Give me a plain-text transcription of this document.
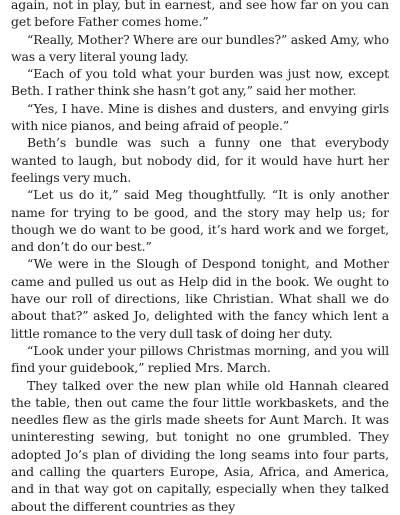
again, not in play, but in earnest, and see how far on you can get before Father comes home.”

“Really, Mother? Where are our bundles?” asked Amy, who was a very literal young lady.

“Each of you told what your burden was just now, except Beth. I rather think she hasn’t got any,” said her mother.

“Yes, I have. Mine is dishes and dusters, and envying girls with nice pianos, and being afraid of people.”

Beth’s bundle was such a funny one that everybody wanted to laugh, but nobody did, for it would have hurt her feelings very much.

“Let us do it,” said Meg thoughtfully. “It is only another name for trying to be good, and the story may help us; for though we do want to be good, it’s hard work and we forget, and don’t do our best.”

“We were in the Slough of Despond tonight, and Mother came and pulled us out as Help did in the book. We ought to have our roll of directions, like Christian. What shall we do about that?” asked Jo, delighted with the fancy which lent a little romance to the very dull task of doing her duty.

“Look under your pillows Christmas morning, and you will find your guidebook,” replied Mrs. March.

They talked over the new plan while old Hannah cleared the table, then out came the four little workbaskets, and the needles flew as the girls made sheets for Aunt March. It was uninteresting sewing, but tonight no one grumbled. They adopted Jo’s plan of dividing the long seams into four parts, and calling the quarters Europe, Asia, Africa, and America, and in that way got on capitally, especially when they talked about the different countries as they
